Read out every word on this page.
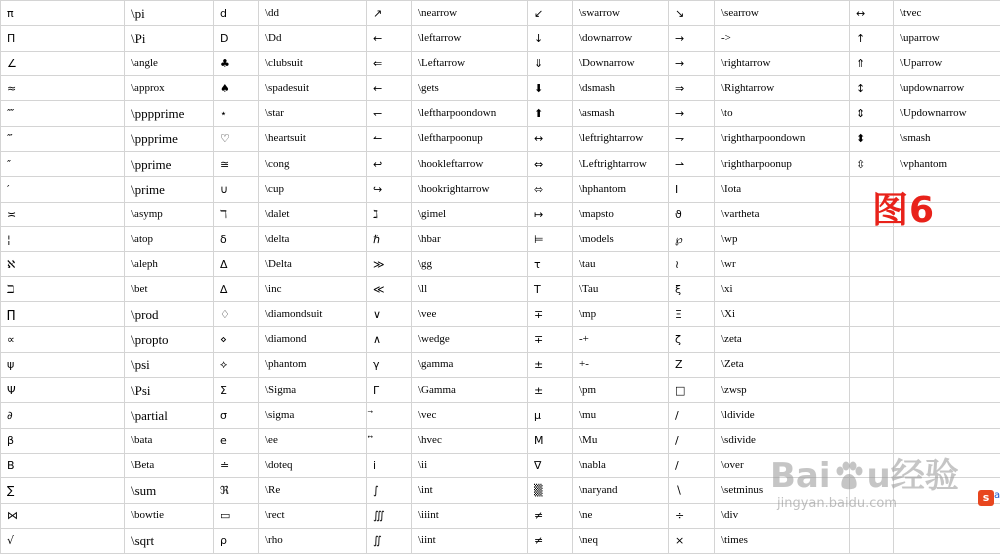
π	\pi	d	\dd	↗	\nearrow	↙	\swarrow	↘	\searrow	↔	\tvec
Π	\Pi	D	\Dd	←	\leftarrow	↓	\downarrow	→	->	↑	\uparrow
∠	\angle	♣	\clubsuit	⇐	\Leftarrow	⇓	\Downarrow	→	\rightarrow	⇑	\Uparrow
≈	\approx	♠	\spadesuit	←	\gets	⬇	\dsmash	⇒	\Rightarrow	↕	\updownarrow
⁗	\pppprime	⋆	\star	↽	\leftharpoondown	⬆	\asmash	→	\to	⇕	\Updownarrow
‴	\ppprime	♡	\heartsuit	↼	\leftharpoonup	↔	\leftrightarrow	⇁	\rightharpoondown	⬍	\smash
″	\pprime	≅	\cong	↩	\hookleftarrow	⇔	\Leftrightarrow	⇀	\rightharpoonup	⇳	\vphantom
′	\prime	∪	\cup	↪	\hookrightarrow	⬄	\hphantom	Ι	\Iota		
≍	\asymp	ℸ	\dalet	ℷ	\gimel	↦	\mapsto	ϑ	\vartheta		
¦	\atop	δ	\delta	ℏ	\hbar	⊨	\models	℘	\wp		
ℵ	\aleph	Δ	\Delta	≫	\gg	τ	\tau	≀	\wr		
ℶ	\bet	∆	\inc	≪	\ll	Τ	\Tau	ξ	\xi		
∏	\prod	♢	\diamondsuit	∨	\vee	∓	\mp	Ξ	\Xi		
∝	\propto	⋄	\diamond	∧	\wedge	∓	-+	ζ	\zeta		
ψ	\psi	⟡	\phantom	γ	\gamma	±	+-	Ζ	\Zeta		
Ψ	\Psi	Σ	\Sigma	Γ	\Gamma	±	\pm	□	\zwsp		
∂	\partial	σ	\sigma		\vec	μ	\mu	/	\ldivide		
β	\bata	e	\ee		\hvec	Μ	\Mu	/	\sdivide		
Β	\Beta	≐	\doteq	i	\ii	∇	\nabla	/	\over		
∑	\sum	ℜ	\Re	∫	\int	▒	\naryand	∖	\setminus		
⋈	\bowtie	▭	\rect	∭	\iiint	≠	\ne	÷	\div		
√	\sqrt	ρ	\rho	∬	\iint	≠	\neq	×	\times		
图6
Bai u经验
jingyan.baidu.com	s a
